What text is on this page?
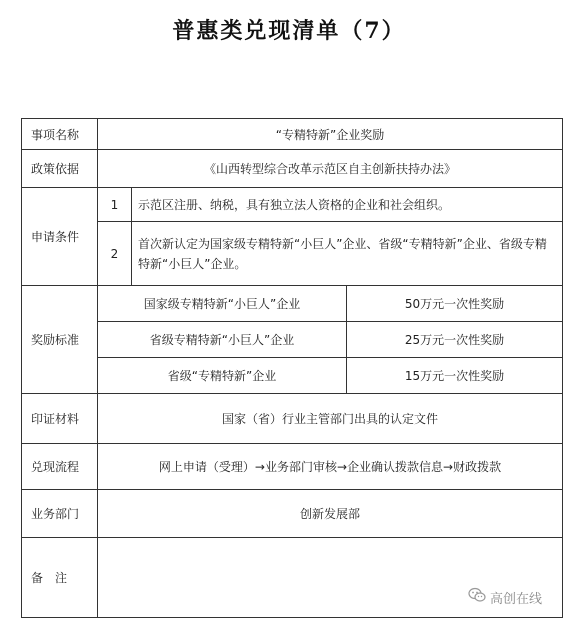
普惠类兑现清单（7）
事项名称	“专精特新”企业奖励		
政策依据	《山西转型综合改革示范区自主创新扶持办法》		
申请条件	1	示范区注册、纳税，具有独立法人资格的企业和社会组织。	
	2	首次新认定为国家级专精特新“小巨人”企业、省级“专精特新”企业、省级专精特新“小巨人”企业。	
奖励标准	国家级专精特新“小巨人”企业		50万元一次性奖励
	省级专精特新“小巨人”企业		25万元一次性奖励
	省级“专精特新”企业		15万元一次性奖励
印证材料	国家（省）行业主管部门出具的认定文件		
兑现流程	网上申请（受理）→业务部门审核→企业确认拨款信息→财政拨款		
业务部门	创新发展部		
备　注			
高创在线
